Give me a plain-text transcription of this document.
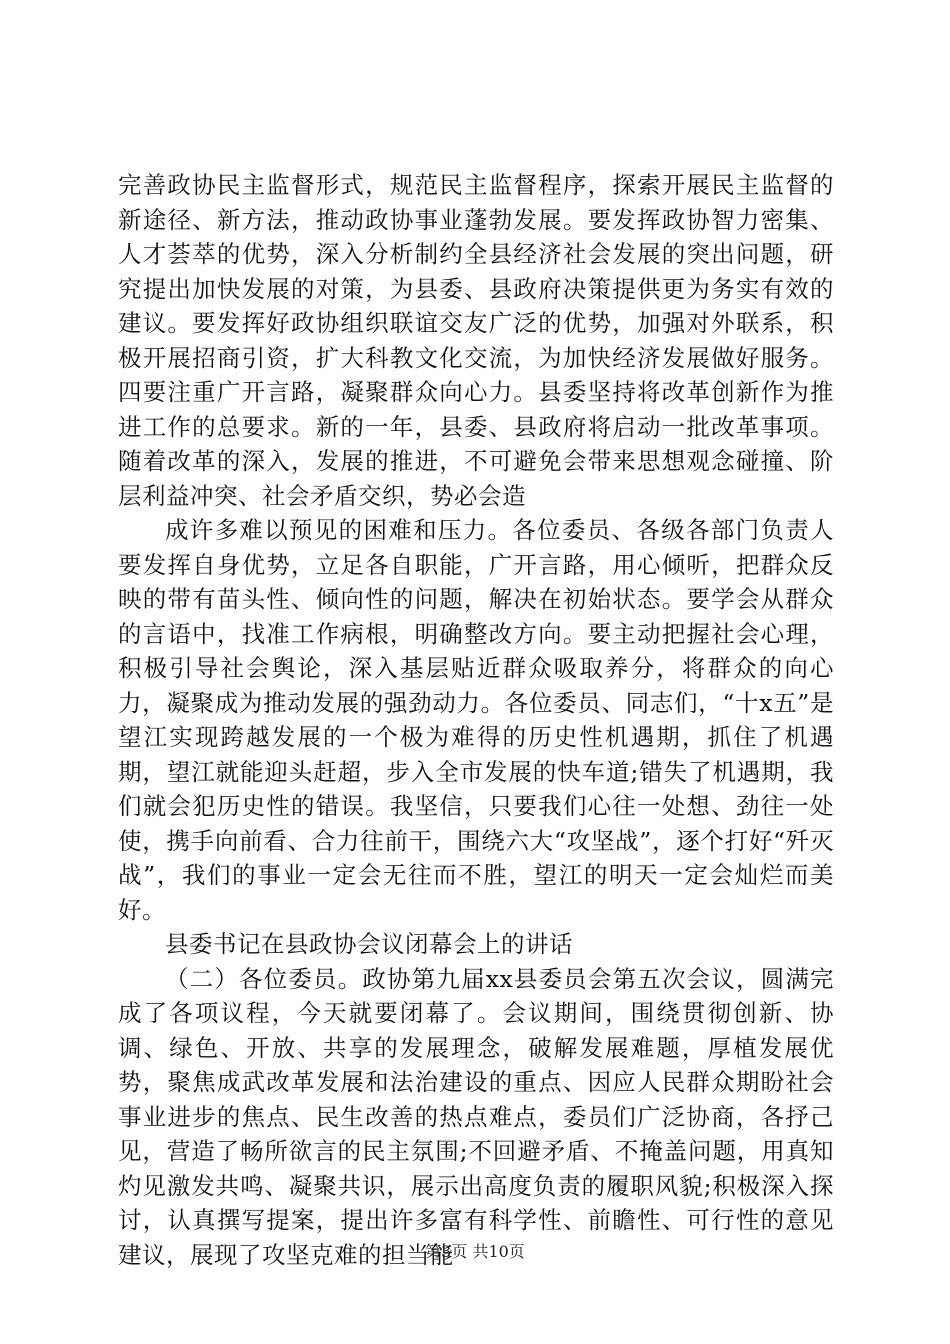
完善政协民主监督形式，规范民主监督程序，探索开展民主监督的新途径、新方法，推动政协事业蓬勃发展。要发挥政协智力密集、人才荟萃的优势，深入分析制约全县经济社会发展的突出问题，研究提出加快发展的对策，为县委、县政府决策提供更为务实有效的建议。要发挥好政协组织联谊交友广泛的优势，加强对外联系，积极开展招商引资，扩大科教文化交流，为加快经济发展做好服务。四要注重广开言路，凝聚群众向心力。县委坚持将改革创新作为推进工作的总要求。新的一年，县委、县政府将启动一批改革事项。随着改革的深入，发展的推进，不可避免会带来思想观念碰撞、阶层利益冲突、社会矛盾交织，势必会造

成许多难以预见的困难和压力。各位委员、各级各部门负责人要发挥自身优势，立足各自职能，广开言路，用心倾听，把群众反映的带有苗头性、倾向性的问题，解决在初始状态。要学会从群众的言语中，找准工作病根，明确整改方向。要主动把握社会心理，积极引导社会舆论，深入基层贴近群众吸取养分，将群众的向心力，凝聚成为推动发展的强劲动力。各位委员、同志们，“十x五”是望江实现跨越发展的一个极为难得的历史性机遇期，抓住了机遇期，望江就能迎头赶超，步入全市发展的快车道;错失了机遇期，我们就会犯历史性的错误。我坚信，只要我们心往一处想、劲往一处使，携手向前看、合力往前干，围绕六大“攻坚战”，逐个打好“歼灭战”，我们的事业一定会无往而不胜，望江的明天一定会灿烂而美好。

县委书记在县政协会议闭幕会上的讲话

（二）各位委员。政协第九届xx县委员会第五次会议，圆满完成了各项议程，今天就要闭幕了。会议期间，围绕贯彻创新、协调、绿色、开放、共享的发展理念，破解发展难题，厚植发展优势，聚焦成武改革发展和法治建设的重点、因应人民群众期盼社会事业进步的焦点、民生改善的热点难点，委员们广泛协商，各抒己见，营造了畅所欲言的民主氛围;不回避矛盾、不掩盖问题，用真知灼见激发共鸣、凝聚共识，展示出高度负责的履职风貌;积极深入探讨，认真撰写提案，提出许多富有科学性、前瞻性、可行性的意见建议，展现了攻坚克难的担当能

第3页 共10页
